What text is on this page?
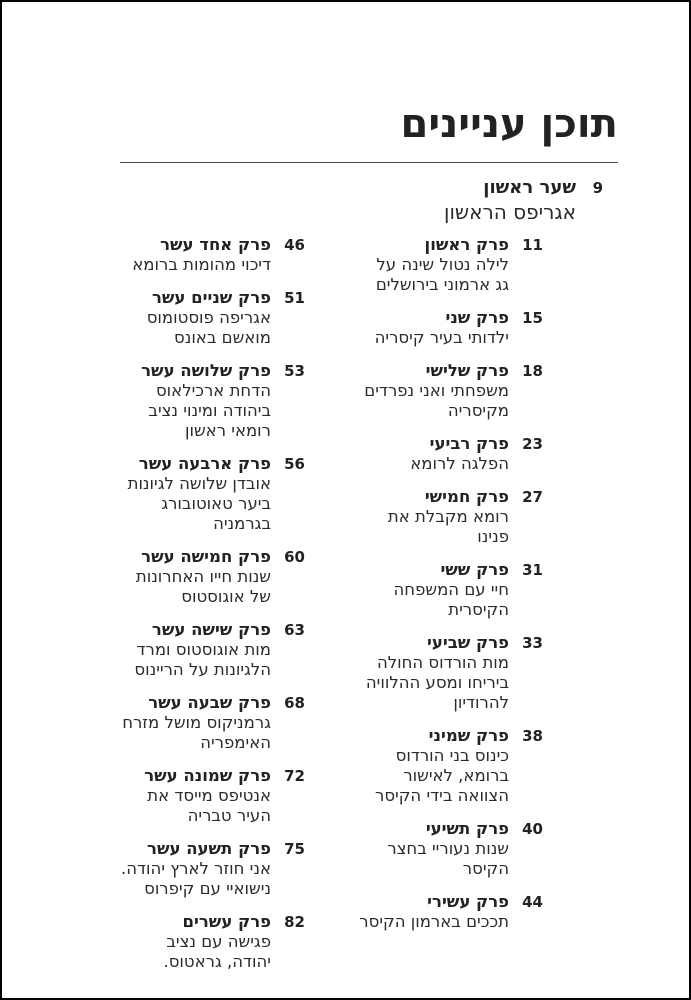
תוכן עניינים
9
שער ראשון
אגריפס הראשון
11
פרק ראשון
לילה נטול שינה על
גג ארמוני בירושלים
15
פרק שני
ילדותי בעיר קיסריה
18
פרק שלישי
משפחתי ואני נפרדים
מקיסריה
23
פרק רביעי
הפלגה לרומא
27
פרק חמישי
רומא מקבלת את
פנינו
31
פרק ששי
חיי עם המשפחה
הקיסרית
33
פרק שביעי
מות הורדוס החולה
ביריחו ומסע ההלוויה
להרודיון
38
פרק שמיני
כינוס בני הורדוס
ברומא, לאישור
הצוואה בידי הקיסר
40
פרק תשיעי
שנות נעוריי בחצר
הקיסר
44
פרק עשירי
תככים בארמון הקיסר
46
פרק אחד עשר
דיכוי מהומות ברומא
51
פרק שניים עשר
אגריפה פוסטומוס
מואשם באונס
53
פרק שלושה עשר
הדחת ארכילאוס
ביהודה ומינוי נציב
רומאי ראשון
56
פרק ארבעה עשר
אובדן שלושה לגיונות
ביער טאוטובורג
בגרמניה
60
פרק חמישה עשר
שנות חייו האחרונות
של אוגוסטוס
63
פרק שישה עשר
מות אוגוסטוס ומרד
הלגיונות על הריינוס
68
פרק שבעה עשר
גרמניקוס מושל מזרח
האימפריה
72
פרק שמונה עשר
אנטיפס מייסד את
העיר טבריה
75
פרק תשעה עשר
אני חוזר לארץ יהודה.
נישואיי עם קיפרוס
82
פרק עשרים
פגישה עם נציב
יהודה, גראטוס.
